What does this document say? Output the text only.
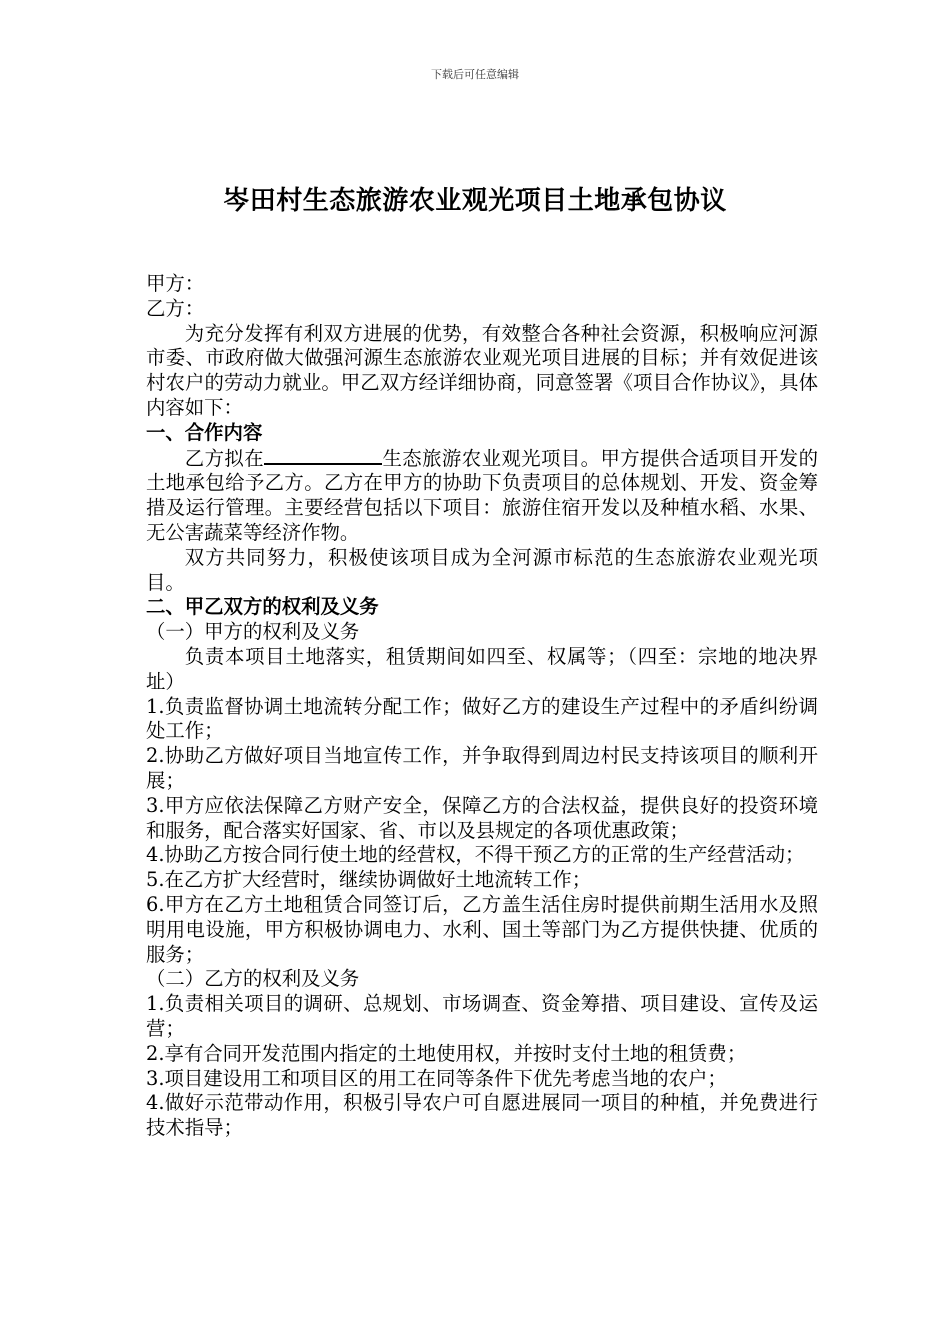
下载后可任意编辑
岑田村生态旅游农业观光项目土地承包协议

甲方：

乙方：

为充分发挥有利双方进展的优势，有效整合各种社会资源，积极响应河源市委、市政府做大做强河源生态旅游农业观光项目进展的目标；并有效促进该村农户的劳动力就业。甲乙双方经详细协商，同意签署《项目合作协议》，具体内容如下：

一、合作内容

乙方拟在	生态旅游农业观光项目。甲方提供合适项目开发的土地承包给予乙方。乙方在甲方的协助下负责项目的总体规划、开发、资金筹措及运行管理。主要经营包括以下项目：旅游住宿开发以及种植水稻、水果、无公害蔬菜等经济作物。

双方共同努力，积极使该项目成为全河源市标范的生态旅游农业观光项目。

二、甲乙双方的权利及义务

（一）甲方的权利及义务

负责本项目土地落实，租赁期间如四至、权属等；（四至：宗地的地决界址）

1.负责监督协调土地流转分配工作；做好乙方的建设生产过程中的矛盾纠纷调处工作；

2.协助乙方做好项目当地宣传工作，并争取得到周边村民支持该项目的顺利开展；

3.甲方应依法保障乙方财产安全，保障乙方的合法权益，提供良好的投资环境和服务，配合落实好国家、省、市以及县规定的各项优惠政策；

4.协助乙方按合同行使土地的经营权，不得干预乙方的正常的生产经营活动；

5.在乙方扩大经营时，继续协调做好土地流转工作；

6.甲方在乙方土地租赁合同签订后，乙方盖生活住房时提供前期生活用水及照明用电设施，甲方积极协调电力、水利、国土等部门为乙方提供快捷、优质的服务；

（二）乙方的权利及义务

1.负责相关项目的调研、总规划、市场调查、资金筹措、项目建设、宣传及运营；

2.享有合同开发范围内指定的土地使用权，并按时支付土地的租赁费；

3.项目建设用工和项目区的用工在同等条件下优先考虑当地的农户；

4.做好示范带动作用，积极引导农户可自愿进展同一项目的种植，并免费进行技术指导；
